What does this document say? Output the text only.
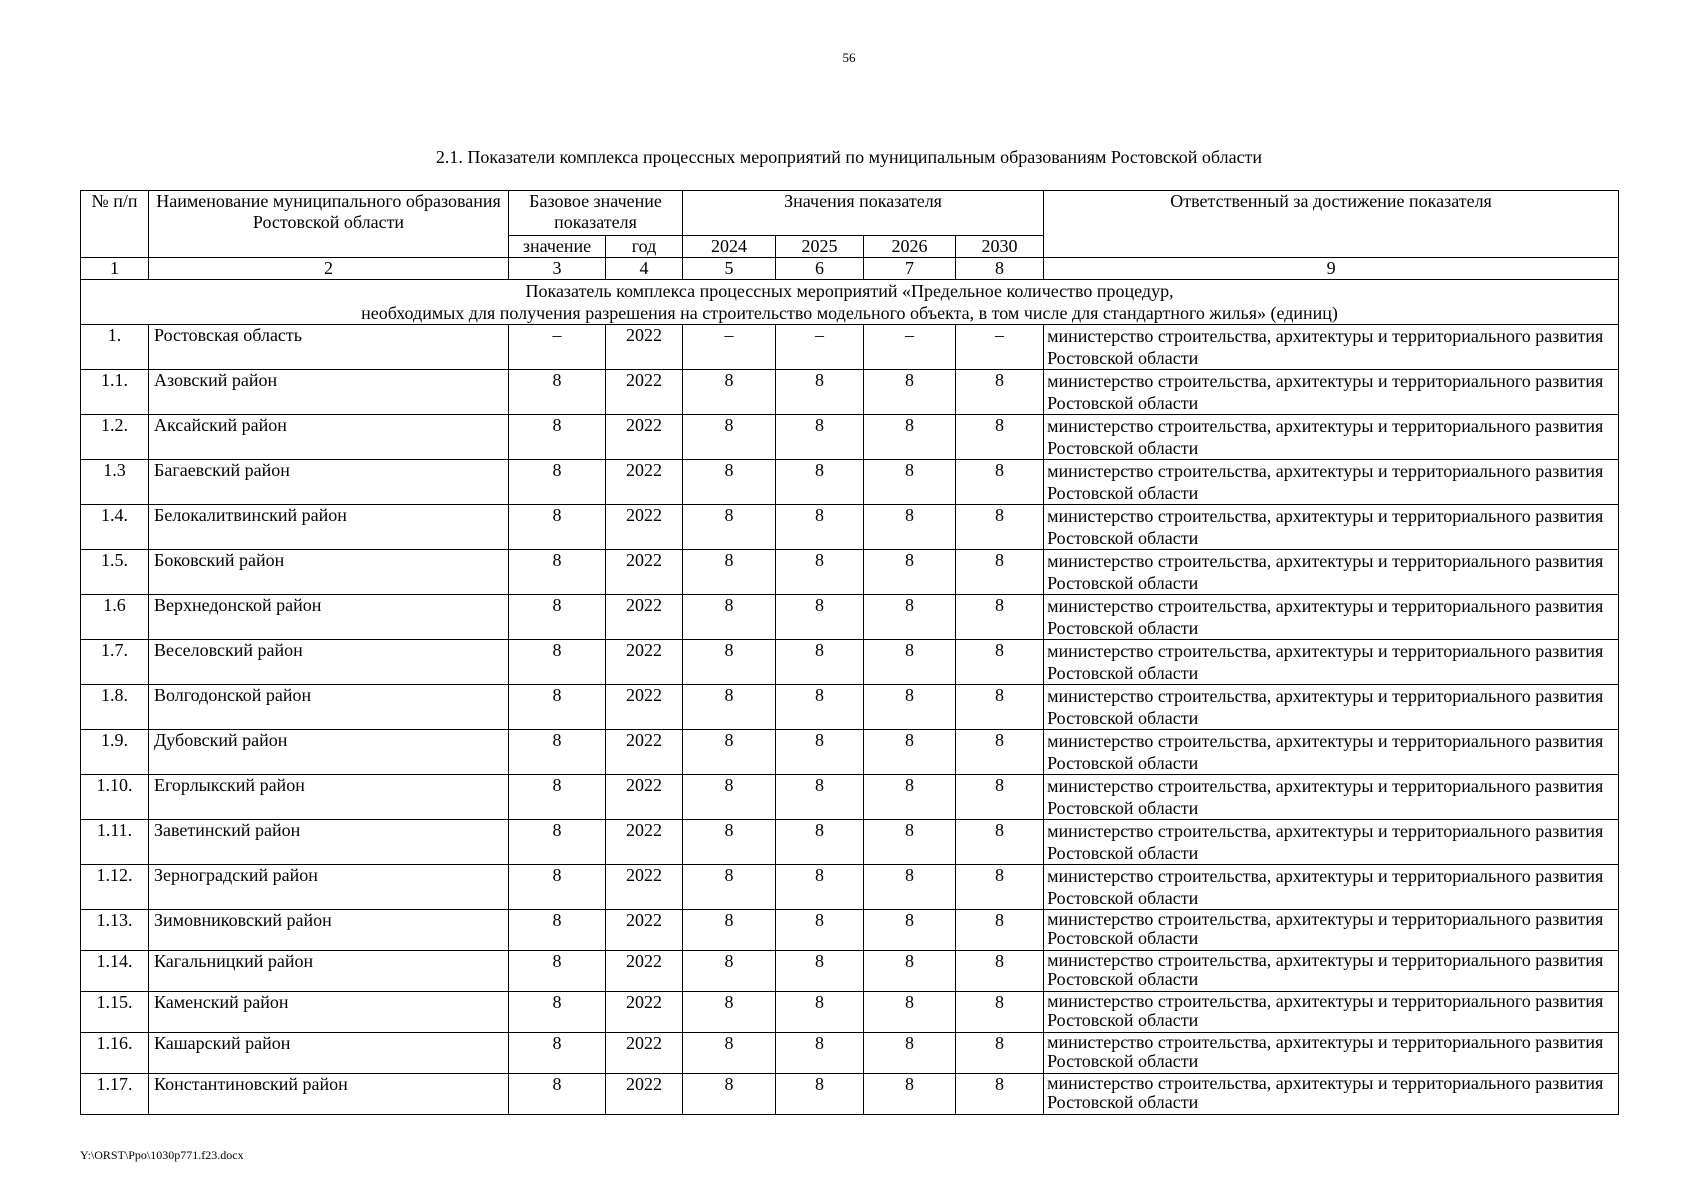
56
2.1. Показатели комплекса процессных мероприятий по муниципальным образованиям Ростовской области
№ п/п	Наименование муниципального образования Ростовской области	Базовое значение показателя		Значения показателя				Ответственный за достижение показателя
		значение	год	2024	2025	2026	2030	
1	2	3	4	5	6	7	8	9

Показатель комплекса процессных мероприятий «Предельное количество процедур,
необходимых для получения разрешения на строительство модельного объекта, в том числе для стандартного жилья» (единиц)								

1.	Ростовская область	–	2022	–	–	–	–	министерство строительства, архитектуры и территориального развития Ростовской области
1.1.	Азовский район	8	2022	8	8	8	8	министерство строительства, архитектуры и территориального развития Ростовской области
1.2.	Аксайский район	8	2022	8	8	8	8	министерство строительства, архитектуры и территориального развития Ростовской области
1.3	Багаевский район	8	2022	8	8	8	8	министерство строительства, архитектуры и территориального развития Ростовской области
1.4.	Белокалитвинский район	8	2022	8	8	8	8	министерство строительства, архитектуры и территориального развития Ростовской области
1.5.	Боковский район	8	2022	8	8	8	8	министерство строительства, архитектуры и территориального развития Ростовской области
1.6	Верхнедонской район	8	2022	8	8	8	8	министерство строительства, архитектуры и территориального развития Ростовской области
1.7.	Веселовский район	8	2022	8	8	8	8	министерство строительства, архитектуры и территориального развития Ростовской области
1.8.	Волгодонской район	8	2022	8	8	8	8	министерство строительства, архитектуры и территориального развития Ростовской области
1.9.	Дубовский район	8	2022	8	8	8	8	министерство строительства, архитектуры и территориального развития Ростовской области
1.10.	Егорлыкский район	8	2022	8	8	8	8	министерство строительства, архитектуры и территориального развития Ростовской области
1.11.	Заветинский район	8	2022	8	8	8	8	министерство строительства, архитектуры и территориального развития Ростовской области
1.12.	Зерноградский район	8	2022	8	8	8	8	министерство строительства, архитектуры и территориального развития Ростовской области
1.13.	Зимовниковский район	8	2022	8	8	8	8	министерство строительства, архитектуры и территориального развития Ростовской области
1.14.	Кагальницкий район	8	2022	8	8	8	8	министерство строительства, архитектуры и территориального развития Ростовской области
1.15.	Каменский район	8	2022	8	8	8	8	министерство строительства, архитектуры и территориального развития Ростовской области
1.16.	Кашарский район	8	2022	8	8	8	8	министерство строительства, архитектуры и территориального развития Ростовской области
1.17.	Константиновский район	8	2022	8	8	8	8	министерство строительства, архитектуры и территориального развития Ростовской области
Y:\ORST\Ppo\1030p771.f23.docx
